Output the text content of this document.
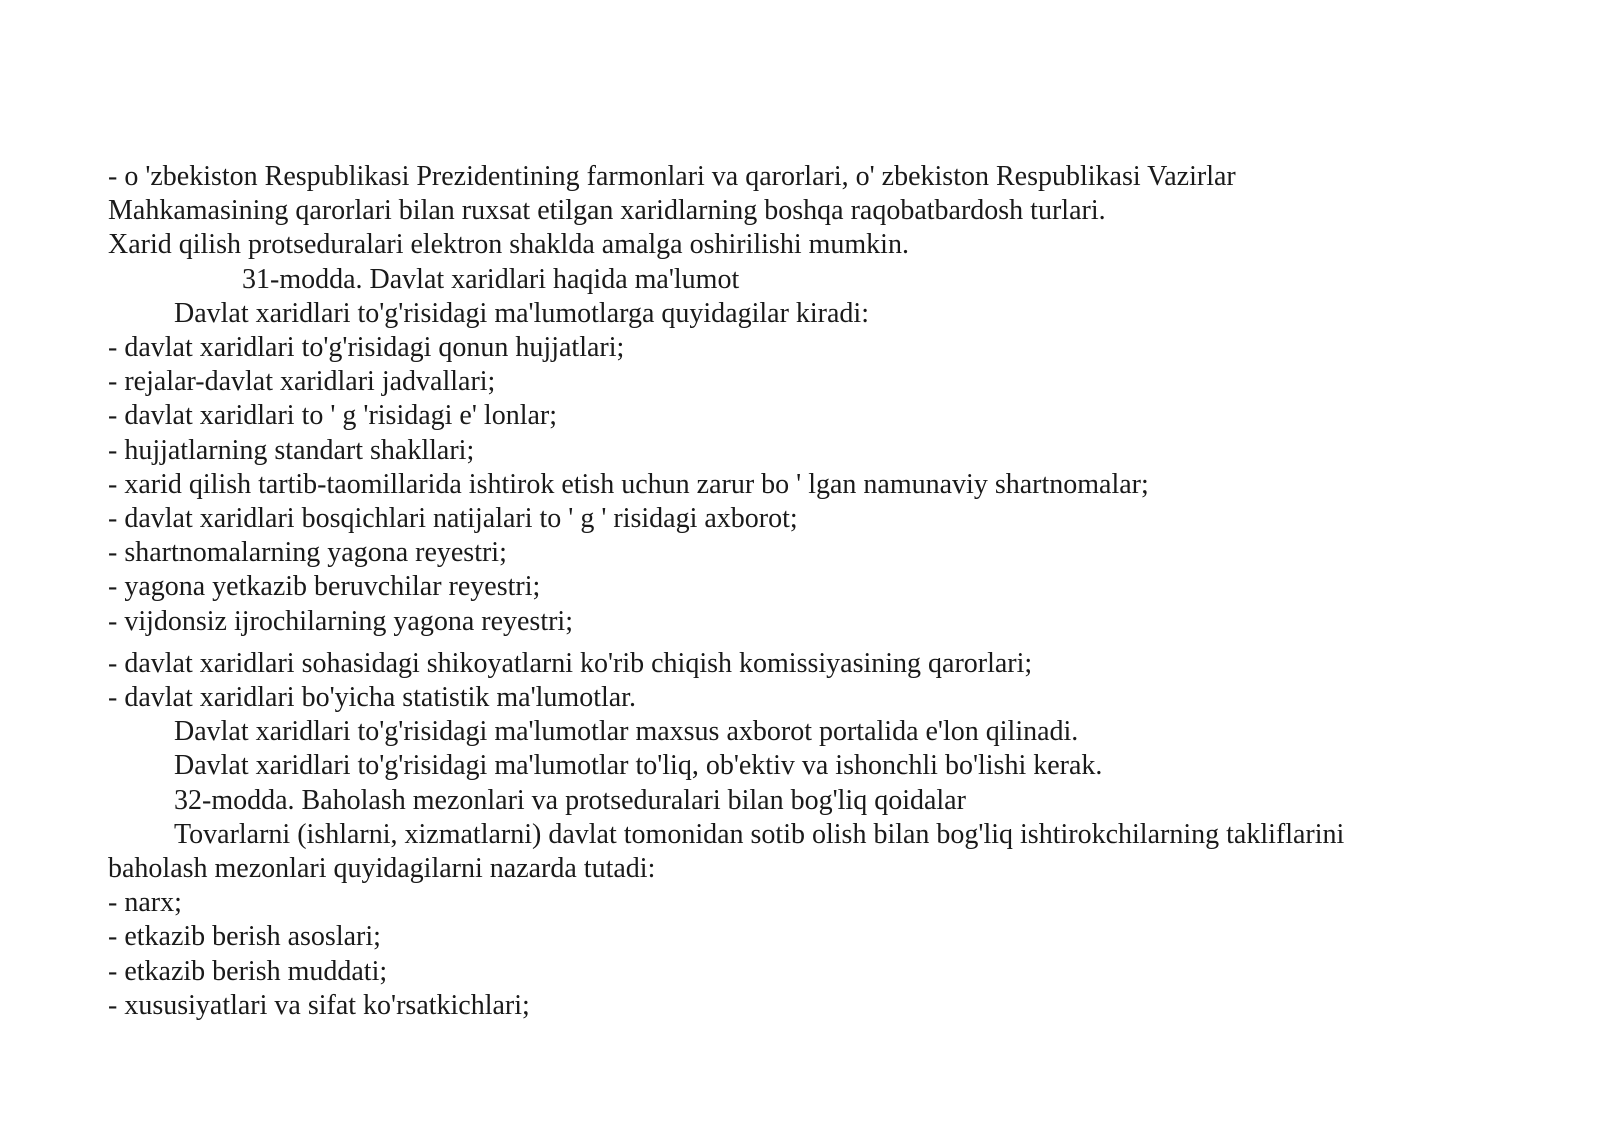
- o 'zbekiston Respublikasi Prezidentining farmonlari va qarorlari, o' zbekiston Respublikasi Vazirlar
Mahkamasining qarorlari bilan ruxsat etilgan xaridlarning boshqa raqobatbardosh turlari.
Xarid qilish protseduralari elektron shakldа amalga oshirilishi mumkin.
31-modda. Davlat xaridlari haqida ma'lumot
Davlat xaridlari to'g'risidagi ma'lumotlarga quyidagilar kiradi:
- davlat xaridlari to'g'risidagi qonun hujjatlari;
- rejalar-davlat xaridlari jadvallari;
- davlat xaridlari to ' g 'risidagi e' lonlar;
- hujjatlarning standart shakllari;
- xarid qilish tartib-taomillarida ishtirok etish uchun zarur bo ' lgan namunaviy shartnomalar;
- davlat xaridlari bosqichlari natijalari to ' g ' risidagi axborot;
- shartnomalarning yagona reyestri;
- yagona yetkazib beruvchilar reyestri;
- vijdonsiz ijrochilarning yagona reyestri;
- davlat xaridlari sohasidagi shikoyatlarni ko'rib chiqish komissiyasining qarorlari;
- davlat xaridlari bo'yicha statistik ma'lumotlar.
Davlat xaridlari to'g'risidagi ma'lumotlar maxsus axborot portalida e'lon qilinadi.
Davlat xaridlari to'g'risidagi ma'lumotlar to'liq, ob'ektiv va ishonchli bo'lishi kerak.
32-modda. Baholash mezonlari va protseduralari bilan bog'liq qoidalar
Tovarlarni (ishlarni, xizmatlarni) davlat tomonidan sotib olish bilan bog'liq ishtirokchilarning takliflarini
baholash mezonlari quyidagilarni nazarda tutadi:
- narx;
- etkazib berish asoslari;
- etkazib berish muddati;
- xususiyatlari va sifat ko'rsatkichlari;
